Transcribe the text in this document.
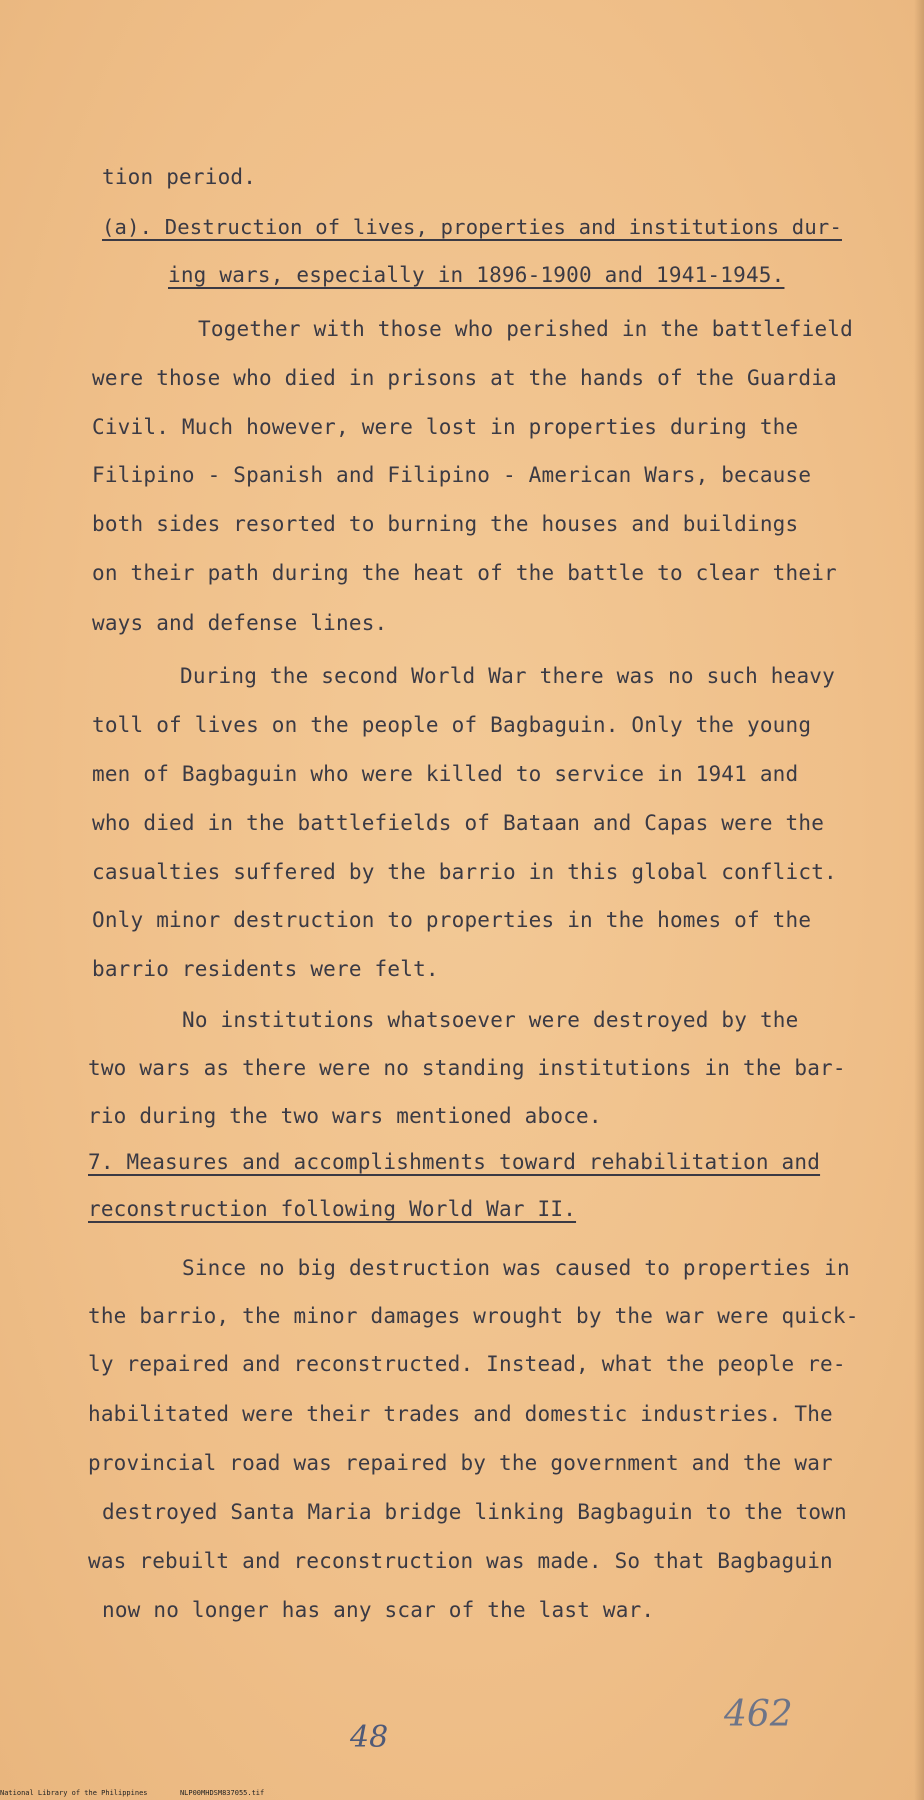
tion period.
(a). Destruction of lives, properties and institutions dur-
ing wars, especially in 1896-1900 and 1941-1945.
Together with those who perished in the battlefield
were those who died in prisons at the hands of the Guardia
Civil. Much however, were lost in properties during the
Filipino - Spanish and Filipino - American Wars, because
both sides resorted to burning the houses and buildings
on their path during the heat of the battle to clear their
ways and defense lines.
During the second World War there was no such heavy
toll of lives on the people of Bagbaguin. Only the young
men of Bagbaguin who were killed to service in 1941 and
who died in the battlefields of Bataan and Capas were the
casualties suffered by the barrio in this global conflict.
Only minor destruction to properties in the homes of the
barrio residents were felt.
No institutions whatsoever were destroyed by the
two wars as there were no standing institutions in the bar-
rio during the two wars mentioned aboce.
7. Measures and accomplishments toward rehabilitation and
reconstruction following World War II.
Since no big destruction was caused to properties in
the barrio, the minor damages wrought by the war were quick-
ly repaired and reconstructed. Instead, what the people re-
habilitated were their trades and domestic industries. The
provincial road was repaired by the government and the war
destroyed Santa Maria bridge linking Bagbaguin to the town
was rebuilt and reconstruction was made. So that Bagbaguin
now no longer has any scar of the last war.
48
462
National Library of the Philippines	NLP00MHDSM837055.tif
